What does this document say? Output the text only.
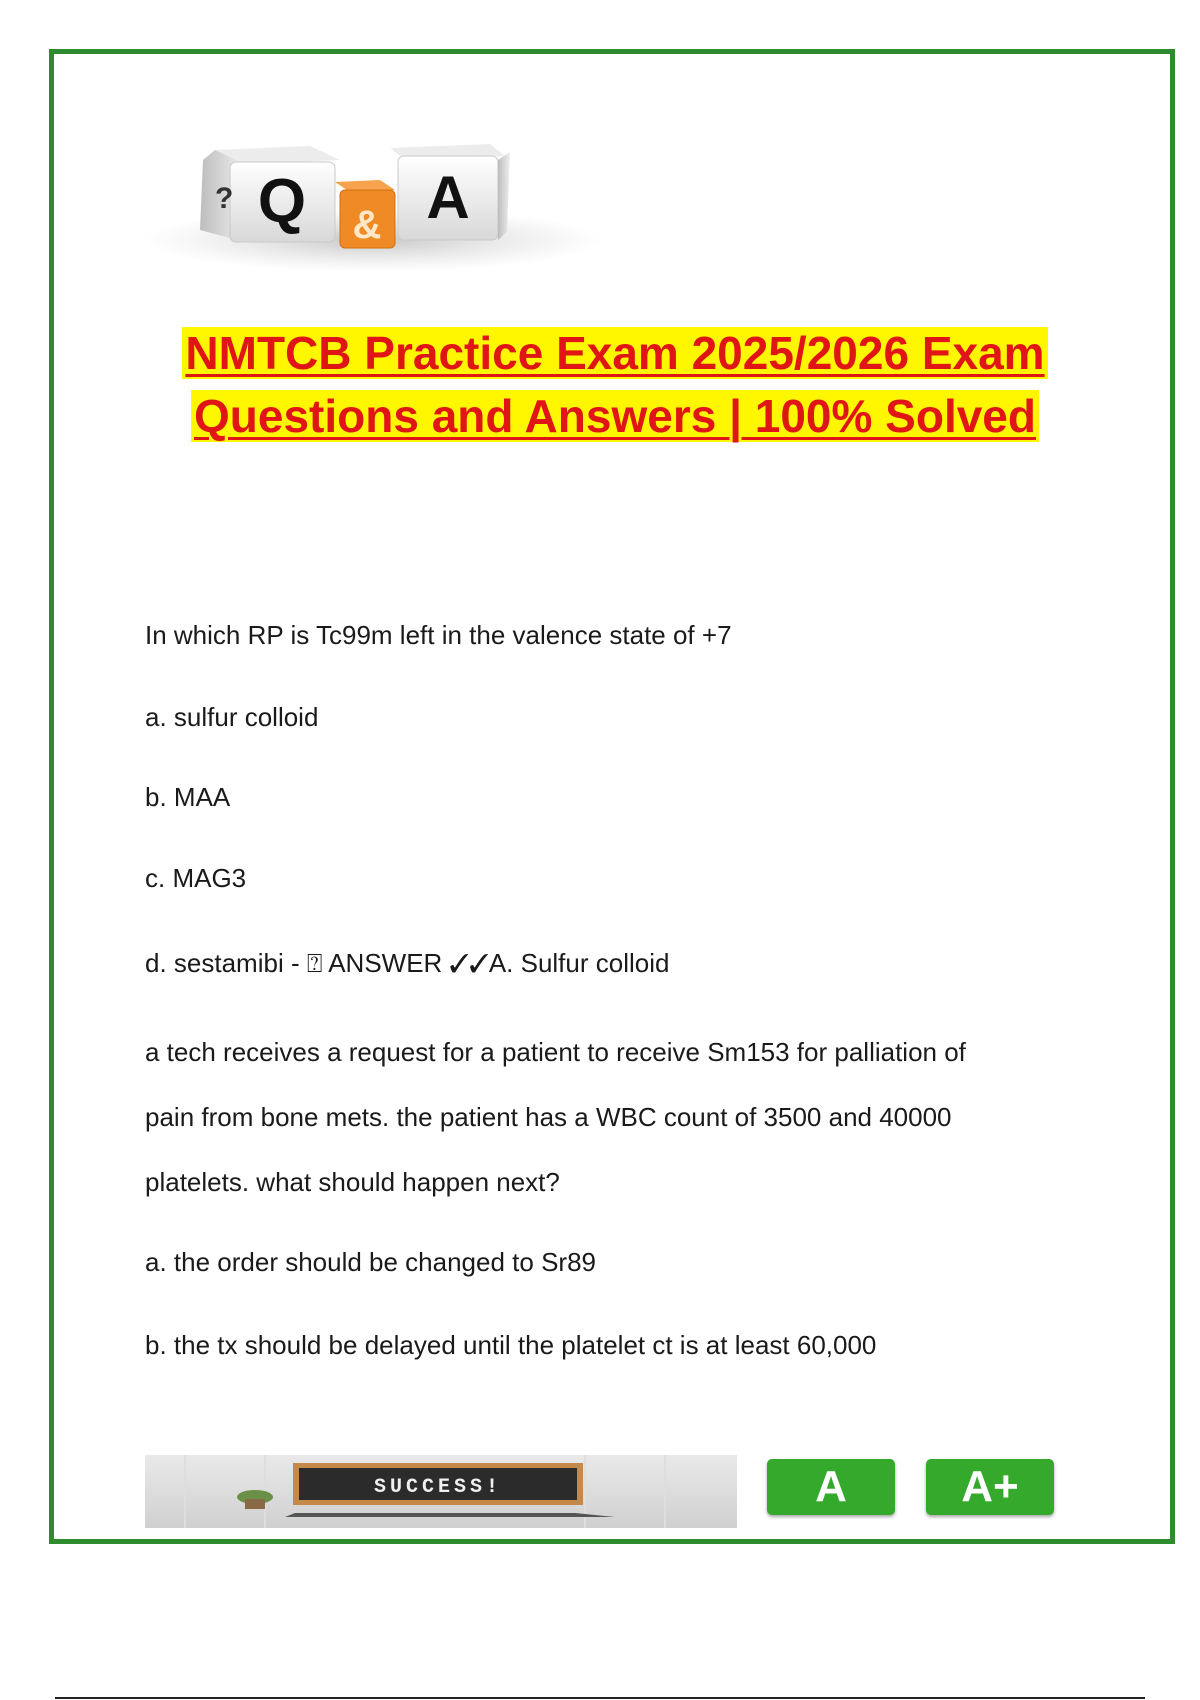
Q
?
& A
NMTCB Practice Exam 2025/2026 Exam
Questions and Answers | 100% Solved
In which RP is Tc99m left in the valence state of +7
a. sulfur colloid
b. MAA
c. MAG3
d. sestamibi - ⍰ ANSWER ✓✓A. Sulfur colloid
a tech receives a request for a patient to receive Sm153 for palliation of
pain from bone mets. the patient has a WBC count of 3500 and 40000
platelets. what should happen next?
a. the order should be changed to Sr89
b. the tx should be delayed until the platelet ct is at least 60,000
SUCCESS!	A	A+
